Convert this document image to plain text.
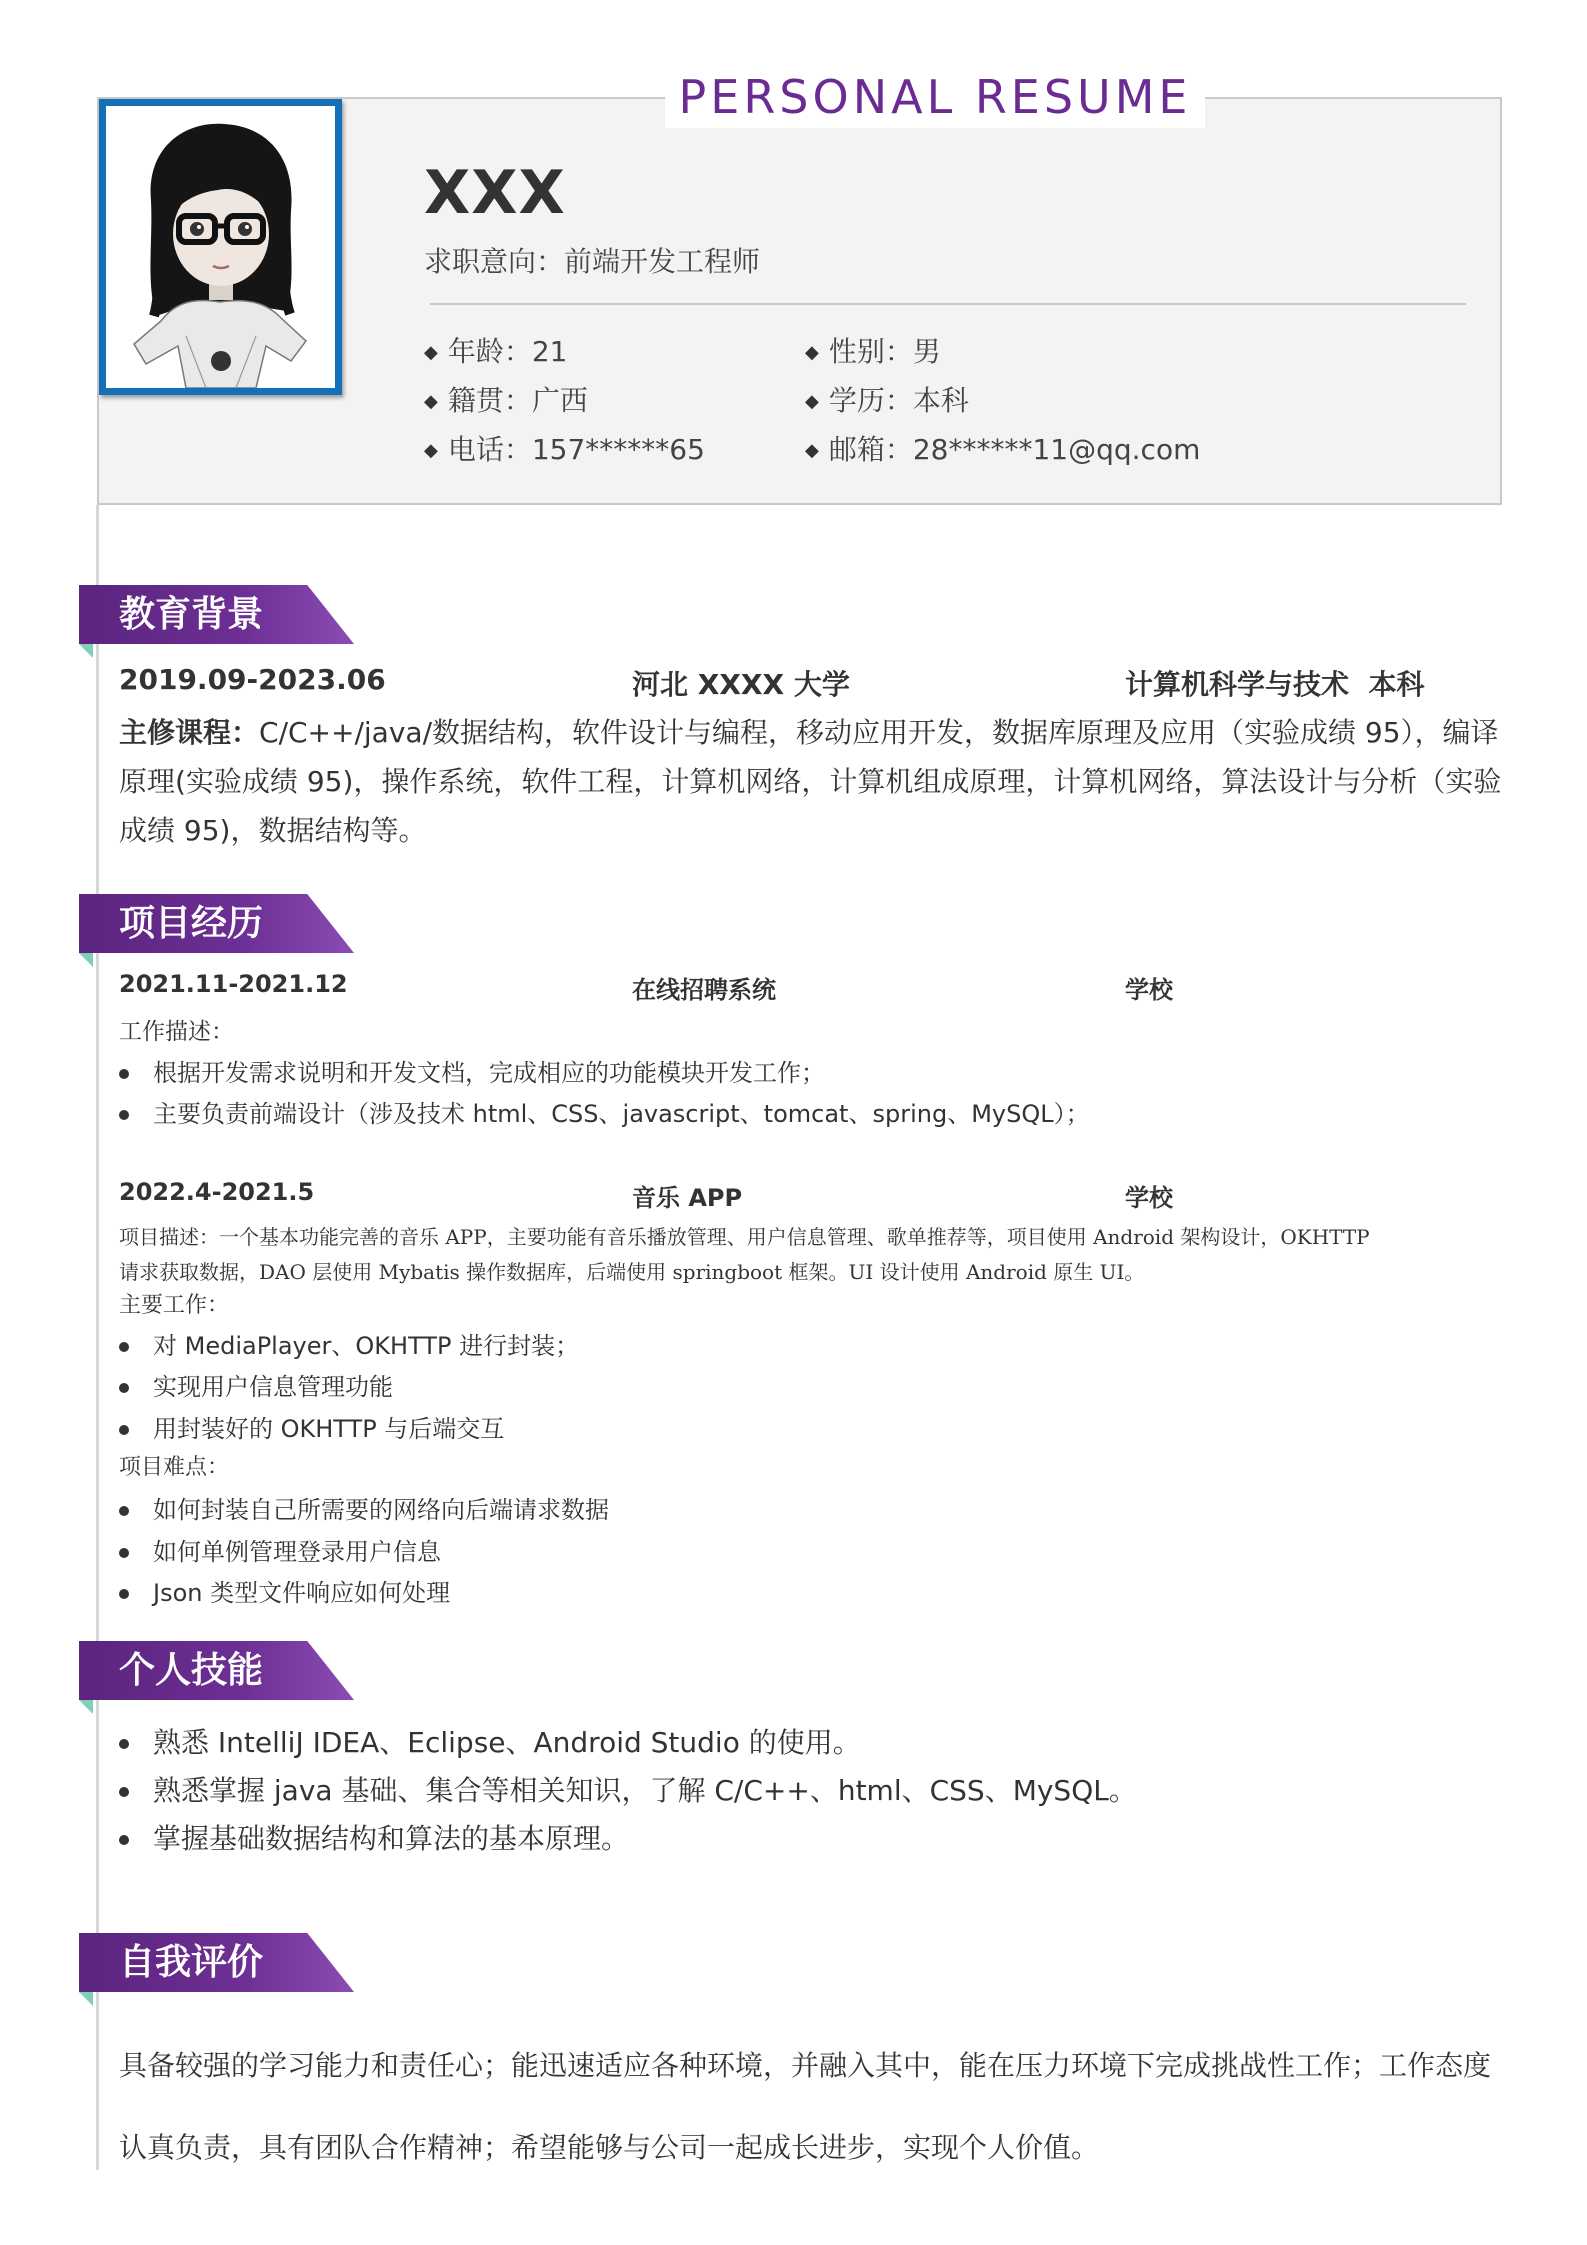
PERSONAL RESUME
XXX
求职意向：前端开发工程师
◆ 年龄：21	◆ 性别：男
◆ 籍贯：广西	◆ 学历：本科
◆ 电话：157******65	◆ 邮箱：28******11@qq.com
教育背景
2019.09-2023.06	河北 XXXX 大学	计算机科学与技术  本科
主修课程：C/C++/java/数据结构，软件设计与编程，移动应用开发，数据库原理及应用（实验成绩 95），编译
原理(实验成绩 95)，操作系统，软件工程，计算机网络，计算机组成原理，计算机网络，算法设计与分析（实验
成绩 95)，数据结构等。
项目经历
2021.11-2021.12	在线招聘系统	学校
工作描述：
根据开发需求说明和开发文档，完成相应的功能模块开发工作；
主要负责前端设计（涉及技术 html、CSS、javascript、tomcat、spring、MySQL）；
2022.4-2021.5	音乐 APP	学校
项目描述：一个基本功能完善的音乐 APP，主要功能有音乐播放管理、用户信息管理、歌单推荐等，项目使用 Android 架构设计，OKHTTP
请求获取数据，DAO 层使用 Mybatis 操作数据库，后端使用 springboot 框架。UI 设计使用 Android 原生 UI。
主要工作：
对 MediaPlayer、OKHTTP 进行封装；
实现用户信息管理功能
用封装好的 OKHTTP 与后端交互
项目难点：
如何封装自己所需要的网络向后端请求数据
如何单例管理登录用户信息
Json 类型文件响应如何处理
个人技能
熟悉 IntelliJ IDEA、Eclipse、Android Studio 的使用。
熟悉掌握 java 基础、集合等相关知识，了解 C/C++、html、CSS、MySQL。
掌握基础数据结构和算法的基本原理。
自我评价
具备较强的学习能力和责任心；能迅速适应各种环境，并融入其中，能在压力环境下完成挑战性工作；工作态度
认真负责，具有团队合作精神；希望能够与公司一起成长进步，实现个人价值。
